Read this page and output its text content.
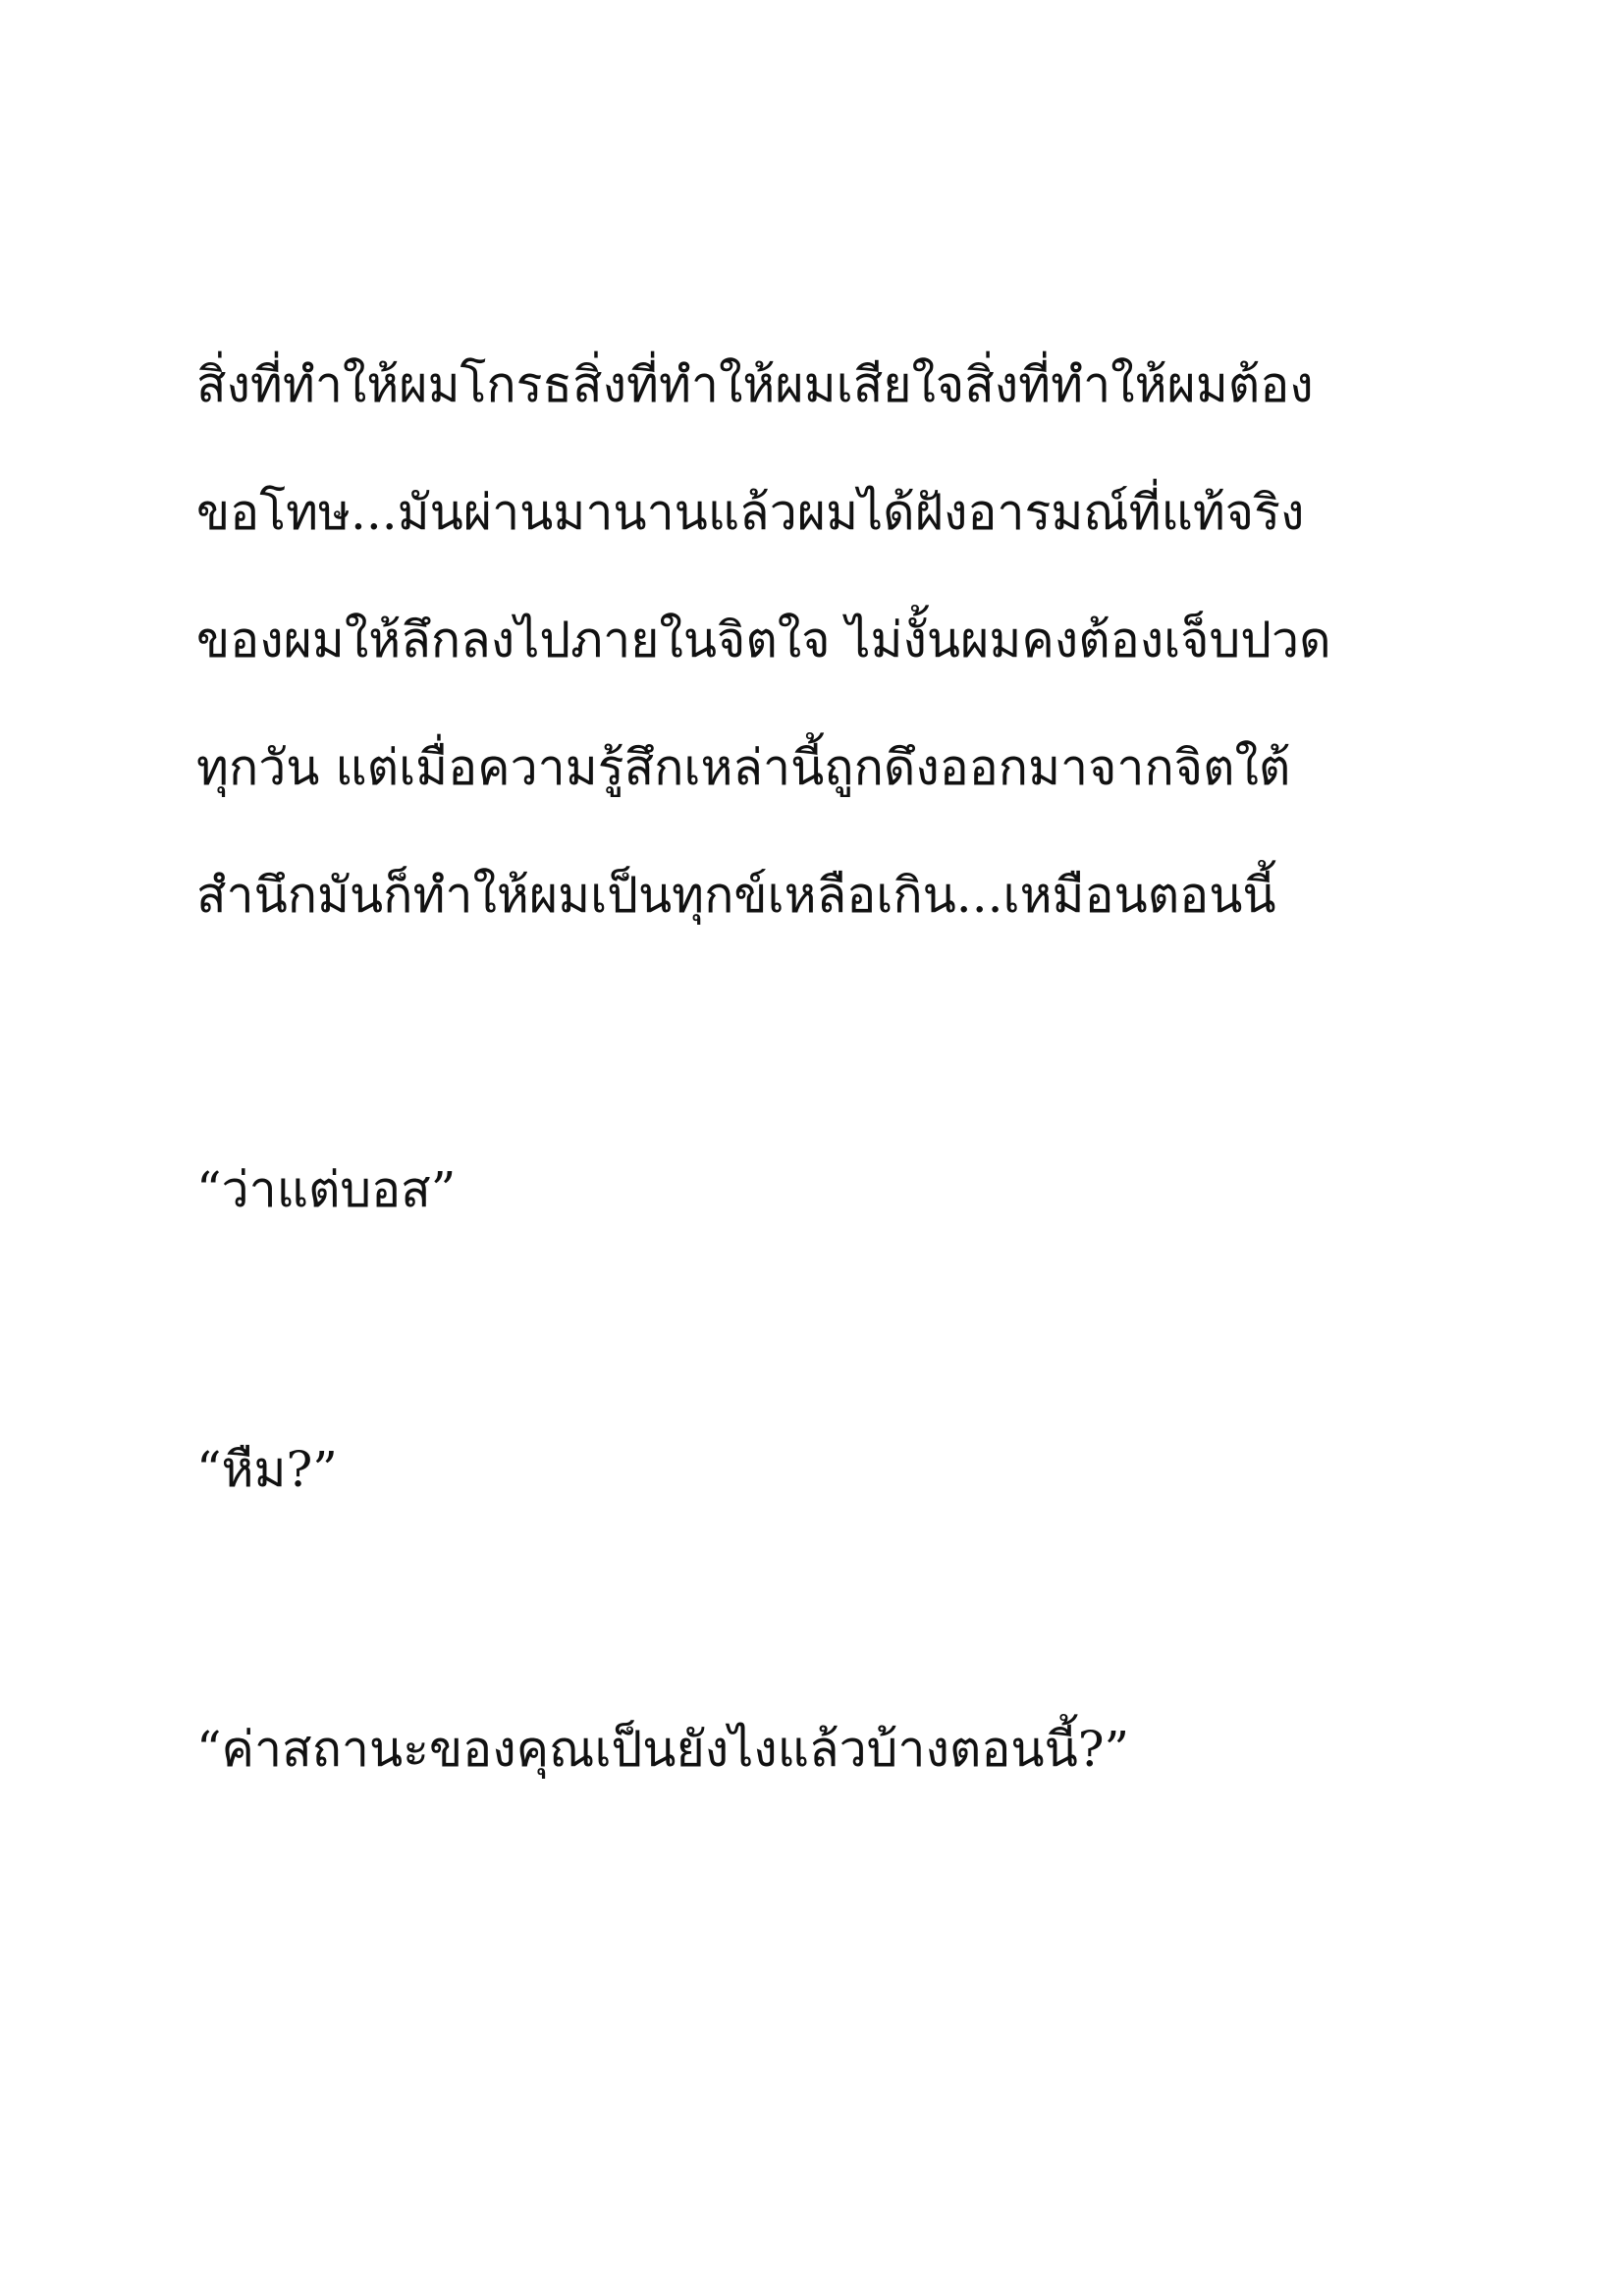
สิ่งที่ทำให้ผมโกรธสิ่งที่ทำให้ผมเสียใจสิ่งที่ทำให้ผมต้อง

ขอโทษ...มันผ่านมานานแล้วผมได้ฝังอารมณ์ที่แท้จริง

ของผมให้ลึกลงไปภายในจิตใจ ไม่งั้นผมคงต้องเจ็บปวด

ทุกวัน แต่เมื่อความรู้สึกเหล่านี้ถูกดึงออกมาจากจิตใต้

สำนึกมันก็ทำให้ผมเป็นทุกข์เหลือเกิน...เหมือนตอนนี้

“ว่าแต่บอส”

“หืม?”

“ค่าสถานะของคุณเป็นยังไงแล้วบ้างตอนนี้?”
